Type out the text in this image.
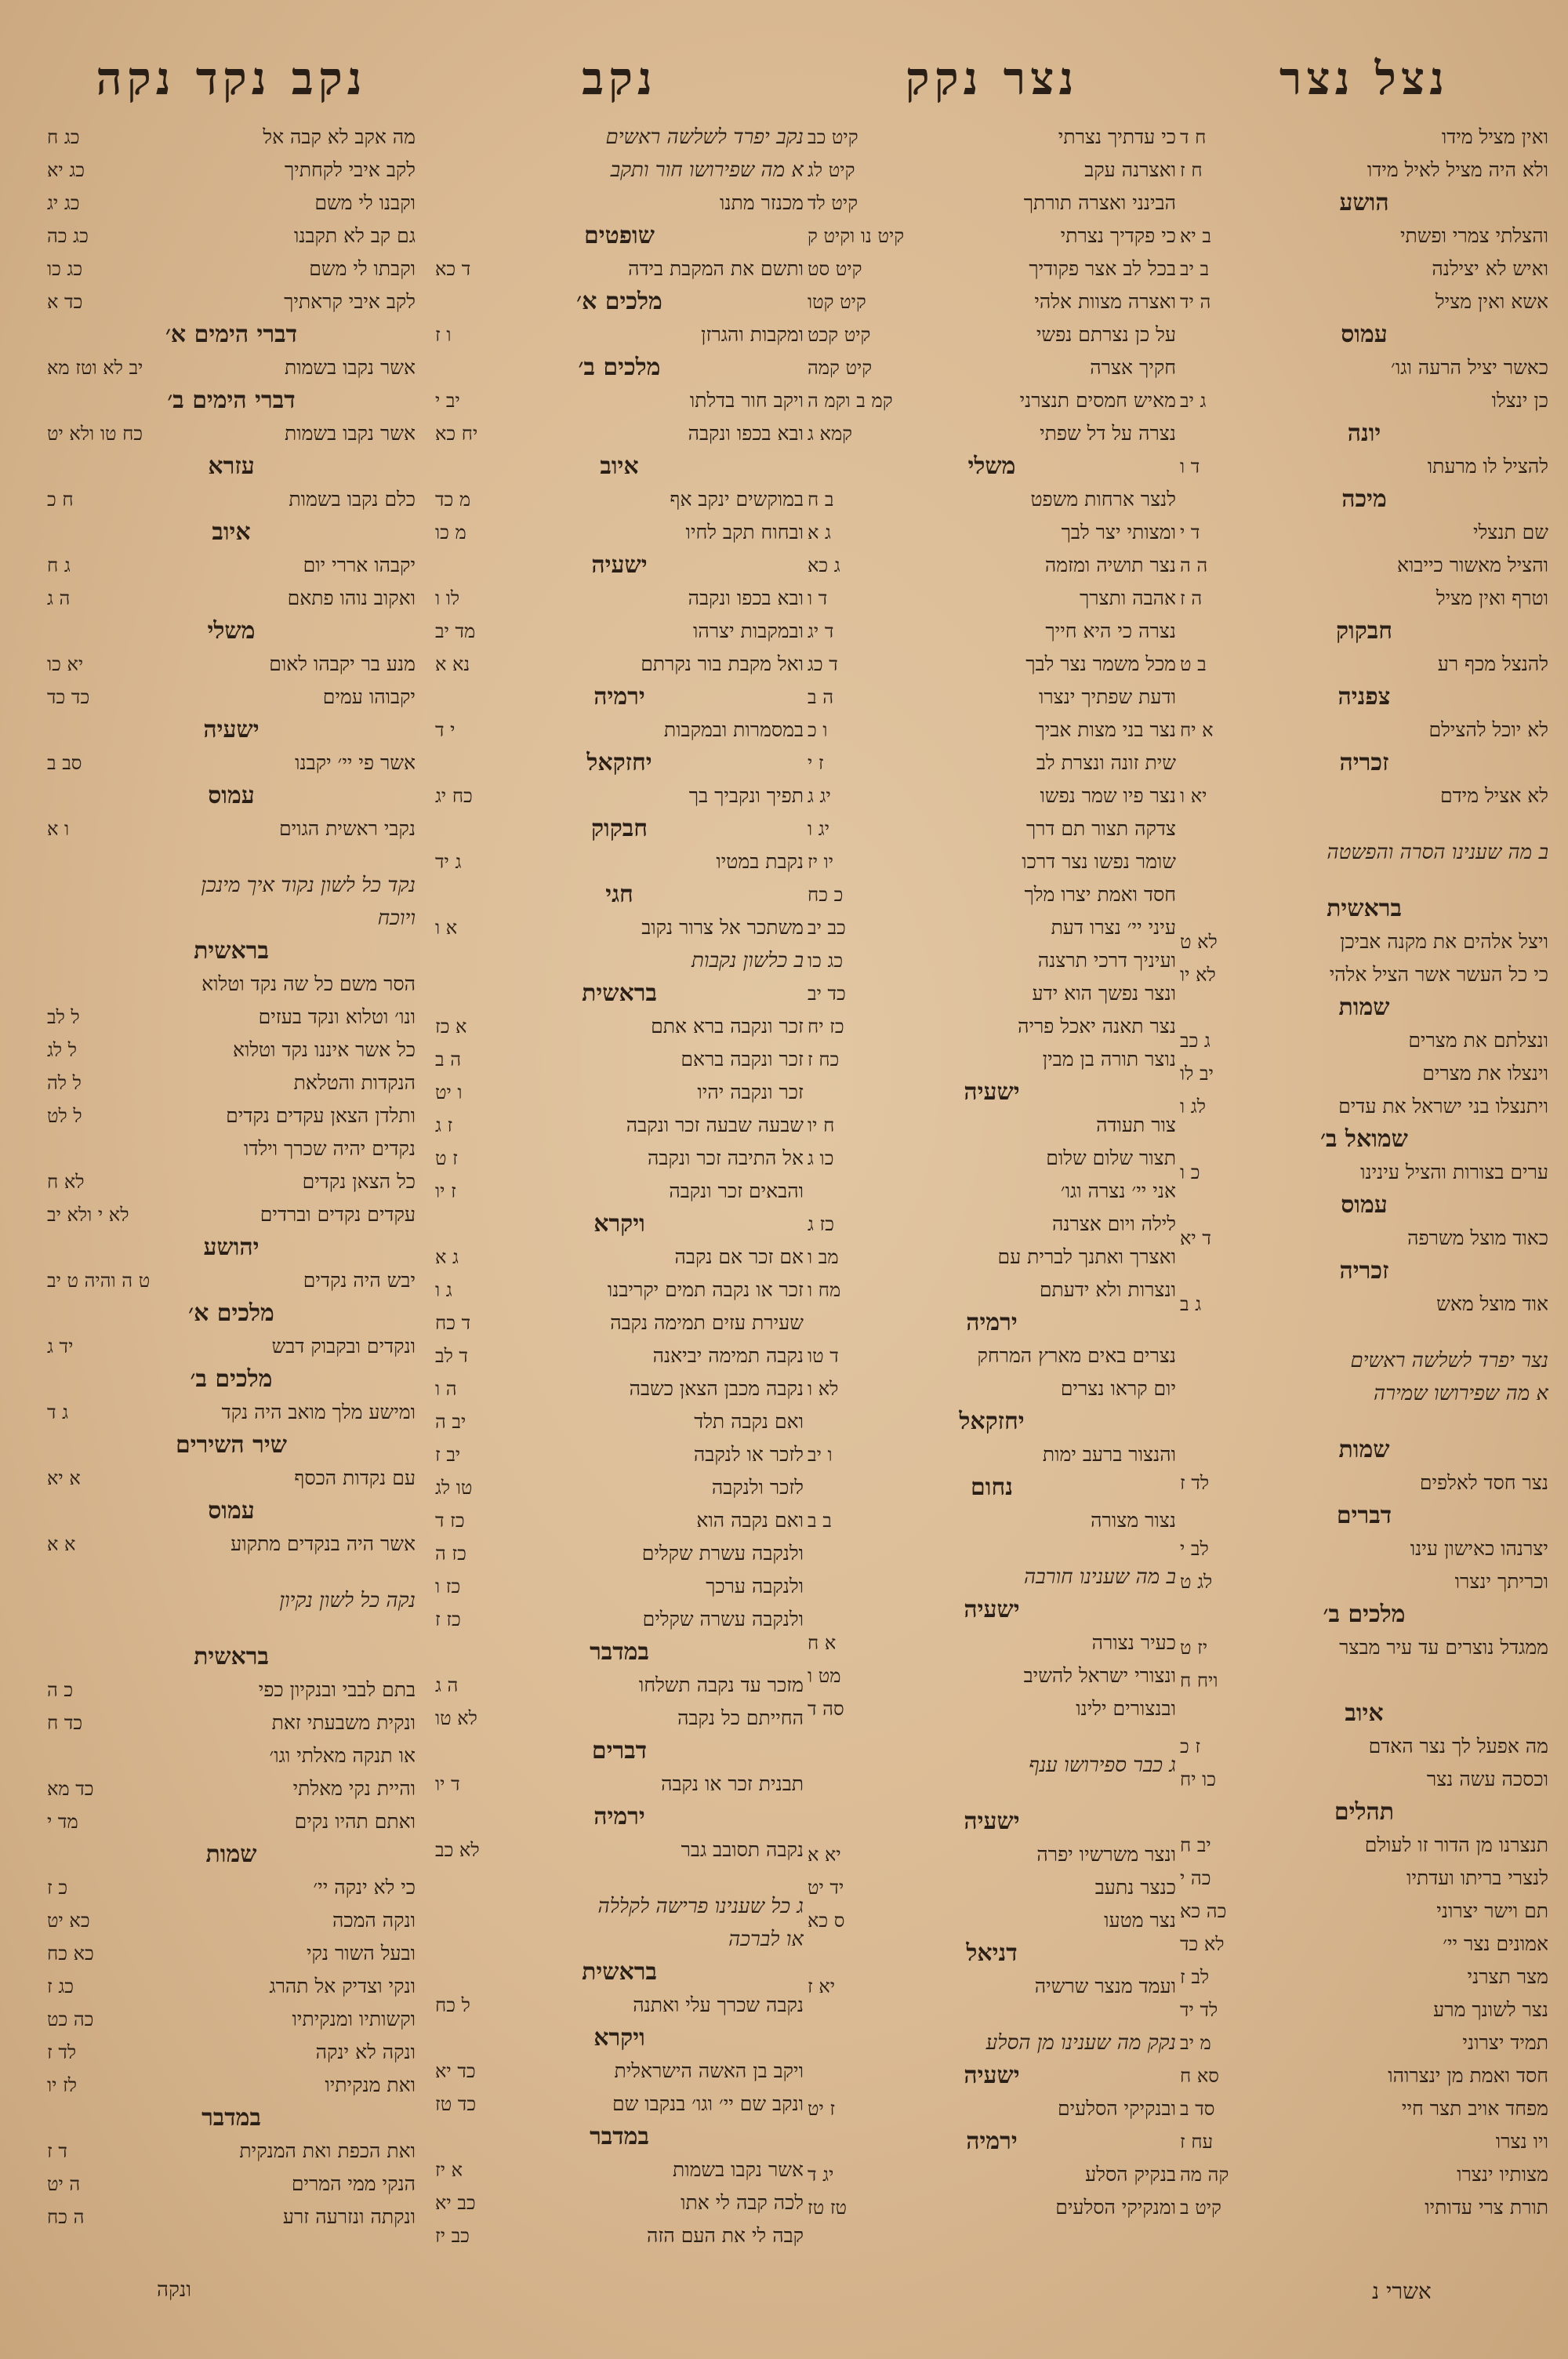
נצל נצר
ואין מציל מידו
ח ד
ולא היה מציל לאיל מידו
ח ז
הושע
והצלתי צמרי ופשתי
ב יא
ואיש לא יצילנה
ב יב
אשא ואין מציל
ה יד
עמוס
כאשר יציל הרעה וגו׳
כן ינצלו
ג יב
יונה
להציל לו מרעתו
ד ו
מיכה
שם תנצלי
ד י
והציל מאשור כייבוא
ה ה
וטרף ואין מציל
ה ז
חבקוק
להנצל מכף רע
ב ט
צפניה
לא יוכל להצילם
א יח
זכריה
לא אציל מידם
יא ו
ב מה שענינו הסרה והפשטה
בראשית
ויצל אלהים את מקנה אביכן
לא ט
כי כל העשר אשר הציל אלהי
לא יו
שמות
ונצלתם את מצרים
ג כב
וינצלו את מצרים
יב לו
ויתנצלו בני ישראל את עדים
לג ו
שמואל ב׳
ערים בצורות והציל עינינו
כ ו
עמוס
כאוד מוצל משרפה
ד יא
זכריה
אוד מוצל מאש
ג ב
נצר יפרד לשלשה ראשים
א מה שפירושו שמירה
שמות
נצר חסד לאלפים
לד ז
דברים
יצרנהו כאישון עינו
לב י
וכריתך ינצרו
לג ט
מלכים ב׳
ממגדל נוצרים עד עיר מבצר
יז ט
ויח ח
איוב
מה אפעל לך נצר האדם
ז כ
וכסכה עשה נצר
כו יח
תהלים
תנצרנו מן הדור זו לעולם
יב ח
לנצרי בריתו ועדתיו
כה י
תם וישר יצרוני
כה כא
אמונים נצר יי׳
לא כד
מצר תצרני
לב ז
נצר לשונך מרע
לד יד
תמיד יצרוני
מ יב
חסד ואמת מן ינצרוהו
סא ח
מפחד אויב תצר חיי
סד ב
ויו נצרו
עח ז
מצותיו ינצרו
קה מה
תורת צרי עדותיו
קיט ב
נצר נקק
כי עדתיך נצרתי
קיט כב
ואצרנה עקב
קיט לג
הבינני ואצרה תורתך
קיט לד
כי פקדיך נצרתי
קיט נו וקיט ק
בכל לב אצר פקודיך
קיט סט
ואצרה מצוות אלהי
קיט קטו
על כן נצרתם נפשי
קיט קכט
חקיך אצרה
קיט קמה
מאיש חמסים תנצרני
קמ ב וקמ ה
נצרה על דל שפתי
קמא ג
משלי
לנצר ארחות משפט
ב ח
ומצותי יצר לבך
ג א
נצר תושיה ומזמה
ג כא
אהבה ותצרך
ד ו
נצרה כי היא חייך
ד יג
מכל משמר נצר לבך
ד כג
ודעת שפתיך ינצרו
ה ב
נצר בני מצות אביך
ו כ
שית זונה ונצרת לב
ז י
נצר פיו שמר נפשו
יג ג
צדקה תצור תם דרך
יג ו
שומר נפשו נצר דרכו
יו יז
חסד ואמת יצרו מלך
כ כח
עיני יי׳ נצרו דעת
כב יב
ועיניך דרכי תרצנה
כג כו
ונצר נפשך הוא ידע
כד יב
נצר תאנה יאכל פריה
כז יח
נוצר תורה בן מבין
כח ז
ישעיה
צור תעודה
ח יו
תצור שלום שלום
כו ג
אני יי׳ נצרה וגו׳
לילה ויום אצרנה
כז ג
ואצרך ואתנך לברית עם
מב ו
ונצרות ולא ידעתם
מח ו
ירמיה
נצרים באים מארץ המרחק
ד טו
יום קראו נצרים
לא ו
יחזקאל
והנצור ברעב ימות
ו יב
נחום
נצור מצורה
ב ב
ב מה שענינו חורבה
ישעיה
כעיר נצורה
א ח
ונצורי ישראל להשיב
מט ו
ובנצורים ילינו
סה ד
ג כבר ספירושו ענף
ישעיה
ונצר משרשיו יפרה
יא א
כנצר נתעב
יד יט
נצר מטעו
ס כא
דניאל
ועמד מנצר שרשיה
יא ז
נקק מה שענינו מן הסלע
ישעיה
ובנקיקי הסלעים
ז יט
ירמיה
בנקיק הסלע
יג ד
ומנקיקי הסלעים
טז טז
נקב
נקב יפרד לשלשה ראשים
א מה שפירושו חור ותקב
מכנזר מתנו
שופטים
ותשם את המקבת בידה
ד כא
מלכים א׳
ומקבות והגרזן
ו ז
מלכים ב׳
ויקב חור בדלתו
יב י
ובא בכפו ונקבה
יח כא
איוב
במוקשים ינקב אף
מ כד
ובחוח תקב לחיו
מ כו
ישעיה
ובא בכפו ונקבה
לו ו
ובמקבות יצרהו
מד יב
ואל מקבת בור נקרתם
נא א
ירמיה
במסמרות ובמקבות
י ד
יחזקאל
תפיך ונקביך בך
כח יג
חבקוק
נקבת במטיו
ג יד
חגי
משתכר אל צרור נקוב
א ו
ב כלשון נקבות
בראשית
זכר ונקבה ברא אתם
א כז
זכר ונקבה בראם
ה ב
זכר ונקבה יהיו
ו יט
שבעה שבעה זכר ונקבה
ז ג
אל התיבה זכר ונקבה
ז ט
והבאים זכר ונקבה
ז יו
ויקרא
אם זכר אם נקבה
ג א
זכר או נקבה תמים יקריבנו
ג ו
שעירת עזים תמימה נקבה
ד כח
נקבה תמימה יביאנה
ד לב
נקבה מכבן הצאן כשבה
ה ו
ואם נקבה תלד
יב ה
לזכר או לנקבה
יב ז
לזכר ולנקבה
טו לג
ואם נקבה הוא
כז ד
ולנקבה עשרת שקלים
כז ה
ולנקבה ערכך
כז ו
ולנקבה עשרה שקלים
כז ז
במדבר
מזכר עד נקבה תשלחו
ה ג
החייתם כל נקבה
לא טו
דברים
תבנית זכר או נקבה
ד יו
ירמיה
נקבה תסובב גבר
לא כב
ג כל שענינו פרישה לקללה
או לברכה
בראשית
נקבה שכרך עלי ואתנה
ל כח
ויקרא
ויקב בן האשה הישראלית
כד יא
ונקב שם יי׳ וגו׳ בנקבו שם
כד טז
במדבר
אשר נקבו בשמות
א יז
לכה קבה לי אתו
כב יא
קבה לי את העם הזה
כב יז
נקב נקד נקה
מה אקב לא קבה אל
כג ח
לקב איבי לקחתיך
כג יא
וקבנו לי משם
כג יג
גם קב לא תקבנו
כג כה
וקבתו לי משם
כג כו
לקב איבי קראתיך
כד א
דברי הימים א׳
אשר נקבו בשמות
יב לא וטז מא
דברי הימים ב׳
אשר נקבו בשמות
כח טו ולא יט
עזרא
כלם נקבו בשמות
ח כ
איוב
יקבהו אררי יום
ג ח
ואקוב נוהו פתאם
ה ג
משלי
מנע בר יקבהו לאום
יא כו
יקבוהו עמים
כד כד
ישעיה
אשר פי יי׳ יקבנו
סב ב
עמוס
נקבי ראשית הגוים
ו א
נקד כל לשון נקוד איך מינכן
ויוכח
בראשית
הסר משם כל שה נקד וטלוא
ונו׳ וטלוא ונקד בעזים
ל לב
כל אשר איננו נקד וטלוא
ל לג
הנקדות והטלאת
ל לה
ותלדן הצאן עקדים נקדים
ל לט
נקדים יהיה שכרך וילדו
כל הצאן נקדים
לא ח
עקדים נקדים וברדים
לא י ולא יב
יהושע
יבש היה נקדים
ט ה והיה ט יב
מלכים א׳
ונקדים ובקבוק דבש
יד ג
מלכים ב׳
ומישע מלך מואב היה נקד
ג ד
שיר השירים
עם נקדות הכסף
א יא
עמוס
אשר היה בנקדים מתקוע
א א
נקה כל לשון נקיון
בראשית
בתם לבבי ובנקיון כפי
כ ה
ונקית משבעתי זאת
כד ח
או תנקה מאלתי וגו׳
והיית נקי מאלתי
כד מא
ואתם תהיו נקים
מד י
שמות
כי לא ינקה יי׳
כ ז
ונקה המכה
כא יט
ובעל השור נקי
כא כח
ונקי וצדיק אל תהרג
כג ז
וקשותיו ומנקיתיו
כה כט
ונקה לא ינקה
לד ז
ואת מנקיתיו
לז יו
במדבר
ואת הכפת ואת המנקית
ד ז
הנקי ממי המרים
ה יט
ונקתה ונזרעה זרע
ה כח
אשרי נ
ונקה
